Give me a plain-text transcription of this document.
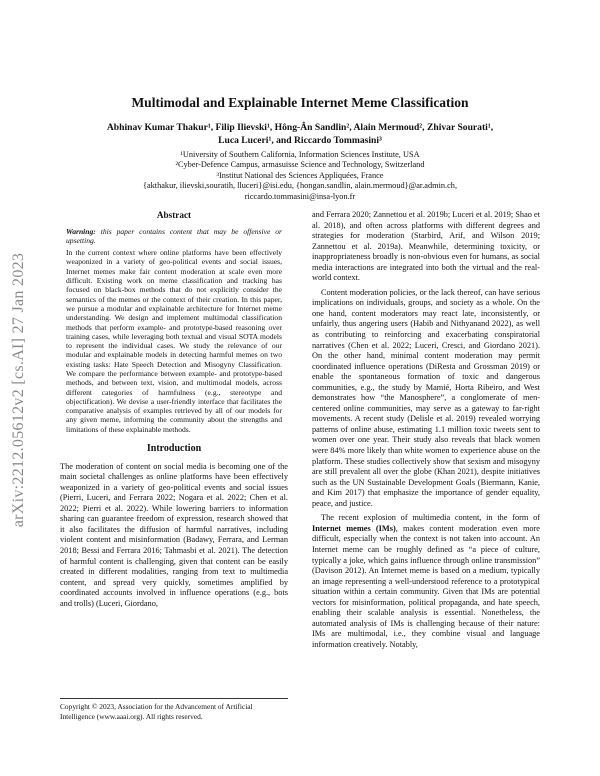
arXiv:2212.05612v2 [cs.AI] 27 Jan 2023
Multimodal and Explainable Internet Meme Classification
Abhinav Kumar Thakur¹, Filip Ilievski¹, Hông-Ân Sandlin², Alain Mermoud², Zhivar Sourati¹,
Luca Luceri¹, and Riccardo Tommasini³
¹University of Southern California, Information Sciences Institute, USA
²Cyber-Defence Campus, armasuisse Science and Technology, Switzerland
³Institut National des Sciences Appliquées, France
{akthakur, ilievski,souratih, lluceri}@isi.edu, {hongan.sandlin, alain.mermoud}@ar.admin.ch,
riccardo.tommasini@insa-lyon.fr
Abstract

Warning: this paper contains content that may be offensive or upsetting.

In the current context where online platforms have been effectively weaponized in a variety of geo-political events and social issues, Internet memes make fair content moderation at scale even more difficult. Existing work on meme classification and tracking has focused on black-box methods that do not explicitly consider the semantics of the memes or the context of their creation. In this paper, we pursue a modular and explainable architecture for Internet meme understanding. We design and implement multimodal classification methods that perform example- and prototype-based reasoning over training cases, while leveraging both textual and visual SOTA models to represent the individual cases. We study the relevance of our modular and explainable models in detecting harmful memes on two existing tasks: Hate Speech Detection and Misogyny Classification. We compare the performance between example- and prototype-based methods, and between text, vision, and multimodal models, across different categories of harmfulness (e.g., stereotype and objectification). We devise a user-friendly interface that facilitates the comparative analysis of examples retrieved by all of our models for any given meme, informing the community about the strengths and limitations of these explainable methods.

Introduction

The moderation of content on social media is becoming one of the main societal challenges as online platforms have been effectively weaponized in a variety of geo-political events and social issues (Pierri, Luceri, and Ferrara 2022; Nogara et al. 2022; Chen et al. 2022; Pierri et al. 2022). While lowering barriers to information sharing can guarantee freedom of expression, research showed that it also facilitates the diffusion of harmful narratives, including violent content and misinformation (Badawy, Ferrara, and Lerman 2018; Bessi and Ferrara 2016; Tahmasbi et al. 2021). The detection of harmful content is challenging, given that content can be easily created in different modalities, ranging from text to multimedia content, and spread very quickly, sometimes amplified by coordinated accounts involved in influence operations (e.g., bots and trolls) (Luceri, Giordano,

Copyright © 2023, Association for the Advancement of Artificial Intelligence (www.aaai.org). All rights reserved.

and Ferrara 2020; Zannettou et al. 2019b; Luceri et al. 2019; Shao et al. 2018), and often across platforms with different degrees and strategies for moderation (Starbird, Arif, and Wilson 2019; Zannettou et al. 2019a). Meanwhile, determining toxicity, or inappropriateness broadly is non-obvious even for humans, as social media interactions are integrated into both the virtual and the real-world context.

Content moderation policies, or the lack thereof, can have serious implications on individuals, groups, and society as a whole. On the one hand, content moderators may react late, inconsistently, or unfairly, thus angering users (Habib and Nithyanand 2022), as well as contributing to reinforcing and exacerbating conspiratorial narratives (Chen et al. 2022; Luceri, Cresci, and Giordano 2021). On the other hand, minimal content moderation may permit coordinated influence operations (DiResta and Grossman 2019) or enable the spontaneous formation of toxic and dangerous communities, e.g., the study by Mamié, Horta Ribeiro, and West demonstrates how “the Manosphere”, a conglomerate of men-centered online communities, may serve as a gateway to far-right movements. A recent study (Delisle et al. 2019) revealed worrying patterns of online abuse, estimating 1.1 million toxic tweets sent to women over one year. Their study also reveals that black women were 84% more likely than white women to experience abuse on the platform. These studies collectively show that sexism and misogyny are still prevalent all over the globe (Khan 2021), despite initiatives such as the UN Sustainable Development Goals (Biermann, Kanie, and Kim 2017) that emphasize the importance of gender equality, peace, and justice.

The recent explosion of multimedia content, in the form of Internet memes (IMs), makes content moderation even more difficult, especially when the context is not taken into account. An Internet meme can be roughly defined as “a piece of culture, typically a joke, which gains influence through online transmission” (Davison 2012). An Internet meme is based on a medium, typically an image representing a well-understood reference to a prototypical situation within a certain community. Given that IMs are potential vectors for misinformation, political propaganda, and hate speech, enabling their scalable analysis is essential. Nonetheless, the automated analysis of IMs is challenging because of their nature: IMs are multimodal, i.e., they combine visual and language information creatively. Notably,
